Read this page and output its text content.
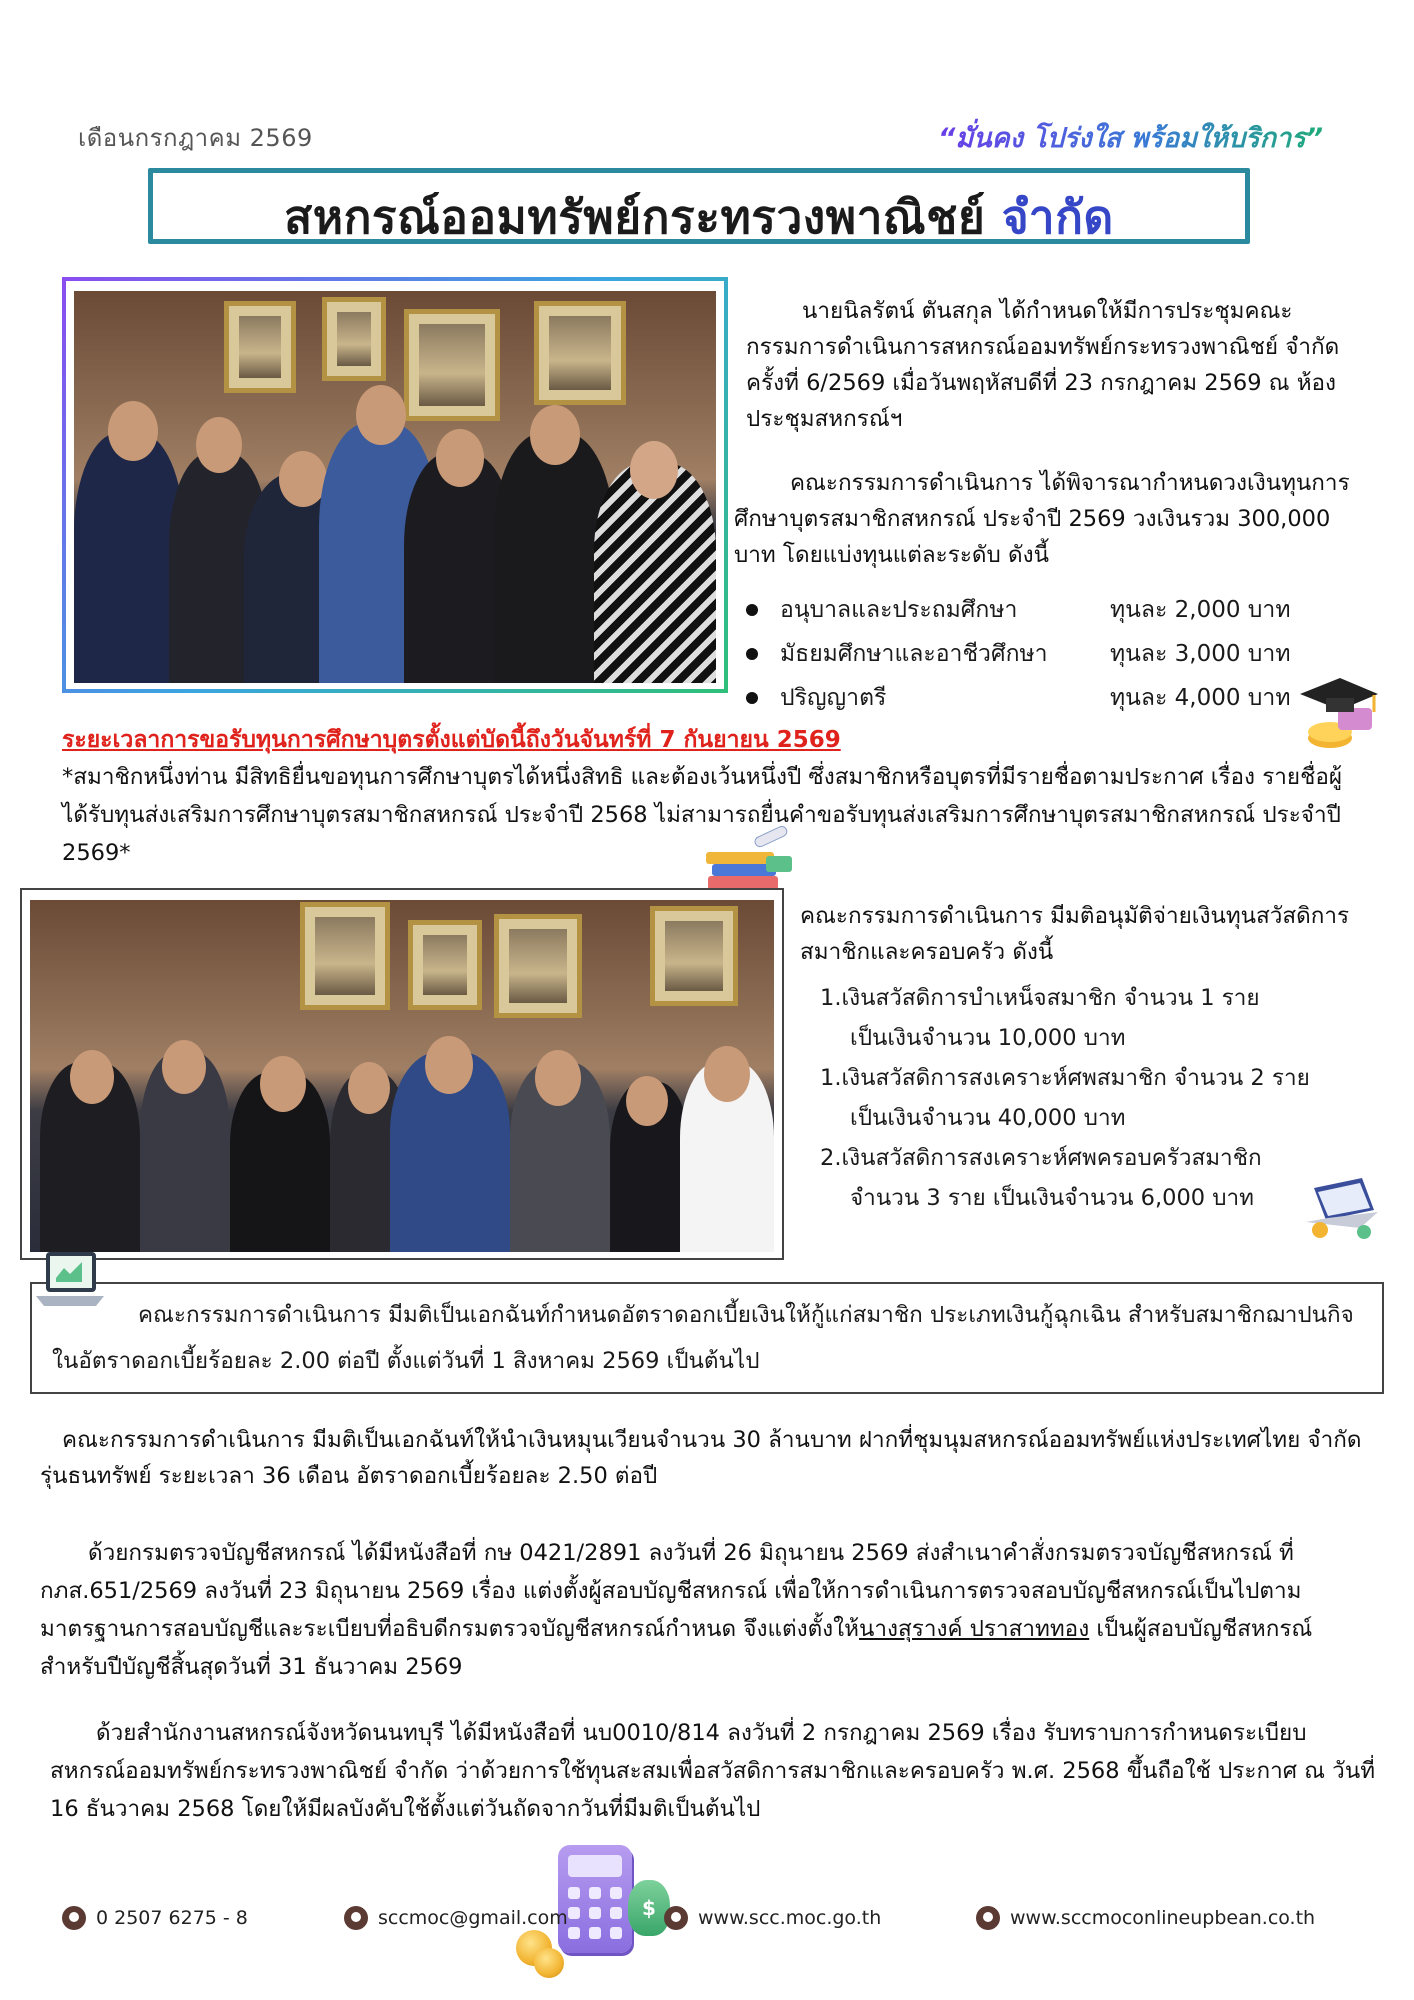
เดือนกรกฎาคม 2569	“มั่นคง โปร่งใส พร้อมให้บริการ”
สหกรณ์ออมทรัพย์กระทรวงพาณิชย์ จำกัด
นายนิลรัตน์ ตันสกุล ได้กำหนดให้มีการประชุมคณะกรรมการดำเนินการสหกรณ์ออมทรัพย์กระทรวงพาณิชย์ จำกัด ครั้งที่ 6/2569 เมื่อวันพฤหัสบดีที่ 23 กรกฎาคม 2569 ณ ห้องประชุมสหกรณ์ฯ
คณะกรรมการดำเนินการ ได้พิจารณากำหนดวงเงินทุนการศึกษาบุตรสมาชิกสหกรณ์ ประจำปี 2569 วงเงินรวม 300,000 บาท โดยแบ่งทุนแต่ละระดับ ดังนี้
อนุบาลและประถมศึกษา	ทุนละ 2,000 บาท
มัธยมศึกษาและอาชีวศึกษา	ทุนละ 3,000 บาท
ปริญญาตรี	ทุนละ 4,000 บาท
ระยะเวลาการขอรับทุนการศึกษาบุตรตั้งแต่บัดนี้ถึงวันจันทร์ที่ 7 กันยายน 2569
*สมาชิกหนึ่งท่าน มีสิทธิยื่นขอทุนการศึกษาบุตรได้หนึ่งสิทธิ และต้องเว้นหนึ่งปี ซึ่งสมาชิกหรือบุตรที่มีรายชื่อตามประกาศ เรื่อง รายชื่อผู้ได้รับทุนส่งเสริมการศึกษาบุตรสมาชิกสหกรณ์ ประจำปี 2568 ไม่สามารถยื่นคำขอรับทุนส่งเสริมการศึกษาบุตรสมาชิกสหกรณ์ ประจำปี 2569*
คณะกรรมการดำเนินการ มีมติอนุมัติจ่ายเงินทุนสวัสดิการสมาชิกและครอบครัว ดังนี้
1.เงินสวัสดิการบำเหน็จสมาชิก จำนวน 1 ราย
เป็นเงินจำนวน 10,000 บาท
1.เงินสวัสดิการสงเคราะห์ศพสมาชิก จำนวน 2 ราย
เป็นเงินจำนวน 40,000 บาท
2.เงินสวัสดิการสงเคราะห์ศพครอบครัวสมาชิก
จำนวน 3 ราย เป็นเงินจำนวน 6,000 บาท
คณะกรรมการดำเนินการ มีมติเป็นเอกฉันท์กำหนดอัตราดอกเบี้ยเงินให้กู้แก่สมาชิก ประเภทเงินกู้ฉุกเฉิน สำหรับสมาชิกฌาปนกิจ ในอัตราดอกเบี้ยร้อยละ 2.00 ต่อปี ตั้งแต่วันที่ 1 สิงหาคม 2569 เป็นต้นไป
คณะกรรมการดำเนินการ มีมติเป็นเอกฉันท์ให้นำเงินหมุนเวียนจำนวน 30 ล้านบาท ฝากที่ชุมนุมสหกรณ์ออมทรัพย์แห่งประเทศไทย จำกัด รุ่นธนทรัพย์ ระยะเวลา 36 เดือน อัตราดอกเบี้ยร้อยละ 2.50 ต่อปี
ด้วยกรมตรวจบัญชีสหกรณ์ ได้มีหนังสือที่ กษ 0421/2891 ลงวันที่ 26 มิถุนายน 2569 ส่งสำเนาคำสั่งกรมตรวจบัญชีสหกรณ์ ที่ กภส.651/2569 ลงวันที่ 23 มิถุนายน 2569 เรื่อง แต่งตั้งผู้สอบบัญชีสหกรณ์ เพื่อให้การดำเนินการตรวจสอบบัญชีสหกรณ์เป็นไปตามมาตรฐานการสอบบัญชีและระเบียบที่อธิบดีกรมตรวจบัญชีสหกรณ์กำหนด จึงแต่งตั้งให้นางสุรางค์ ปราสาททอง เป็นผู้สอบบัญชีสหกรณ์ สำหรับปีบัญชีสิ้นสุดวันที่ 31 ธันวาคม 2569
ด้วยสำนักงานสหกรณ์จังหวัดนนทบุรี ได้มีหนังสือที่ นบ0010/814 ลงวันที่ 2 กรกฎาคม 2569 เรื่อง รับทราบการกำหนดระเบียบสหกรณ์ออมทรัพย์กระทรวงพาณิชย์ จำกัด ว่าด้วยการใช้ทุนสะสมเพื่อสวัสดิการสมาชิกและครอบครัว พ.ศ. 2568 ขึ้นถือใช้ ประกาศ ณ วันที่ 16 ธันวาคม 2568 โดยให้มีผลบังคับใช้ตั้งแต่วันถัดจากวันที่มีมติเป็นต้นไป
$
0 2507 6275 - 8	sccmoc@gmail.com	www.scc.moc.go.th	www.sccmoconlineupbean.co.th
